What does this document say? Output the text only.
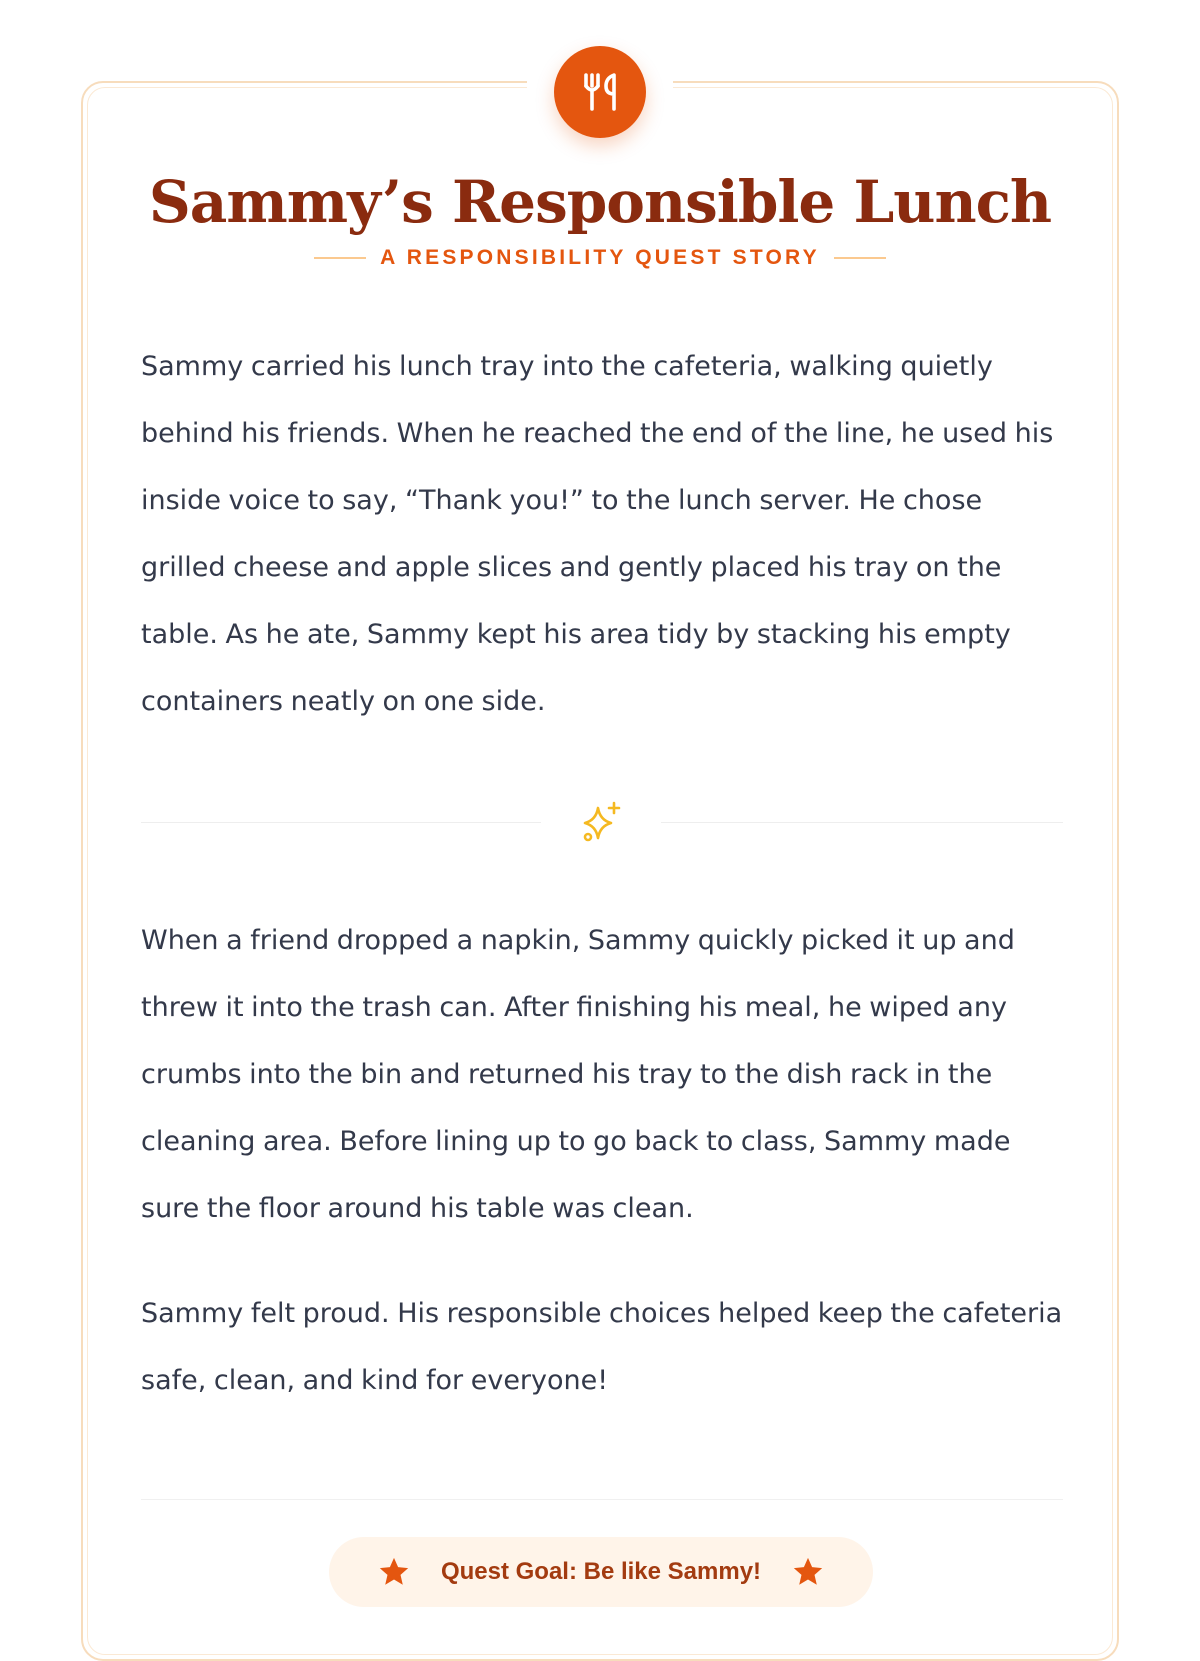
Sammy’s Responsible Lunch
A RESPONSIBILITY QUEST STORY

Sammy carried his lunch tray into the cafeteria, walking quietly behind his friends. When he reached the end of the line, he used his inside voice to say, “Thank you!” to the lunch server. He chose grilled cheese and apple slices and gently placed his tray on the table. As he ate, Sammy kept his area tidy by stacking his empty containers neatly on one side.

When a friend dropped a napkin, Sammy quickly picked it up and threw it into the trash can. After finishing his meal, he wiped any crumbs into the bin and returned his tray to the dish rack in the cleaning area. Before lining up to go back to class, Sammy made sure the floor around his table was clean.

Sammy felt proud. His responsible choices helped keep the cafeteria safe, clean, and kind for everyone!

Quest Goal: Be like Sammy!
